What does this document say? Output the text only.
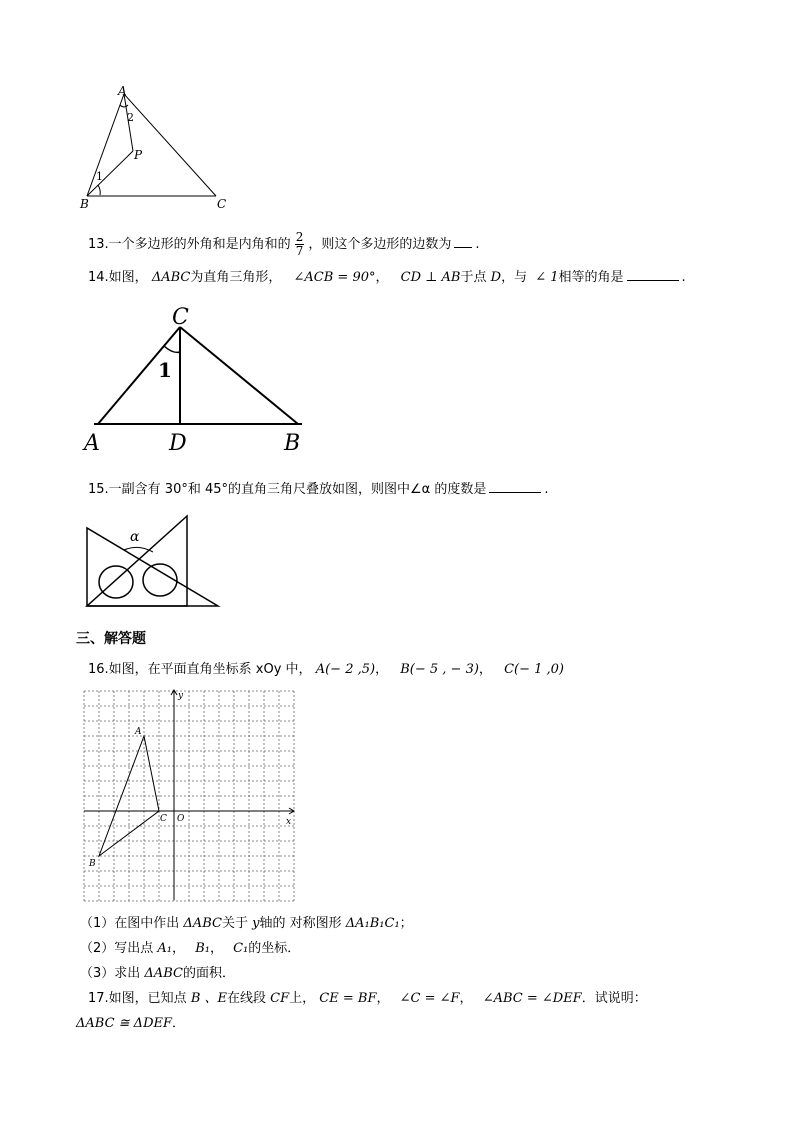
A
B	C
P
2
1
13.一个多边形的外角和是内角和的 $\frac{2}{7}$ ，则这个多边形的边数为 .
14.如图， ΔABC为直角三角形， ∠ACB = 90°， CD ⊥ AB于点 D，与 ∠ 1相等的角是	.
C
A	D	B
1
15.一副含有 30°和 45°的直角三角尺叠放如图，则图中∠α 的度数是	.
α
三、解答题
16.如图，在平面直角坐标系 xOy 中， A(− 2 ,5)， B(− 5 , − 3)， C(− 1 ,0)
y
x
O
A
B
C
（1）在图中作出 ΔABC关于 y轴的 对称图形 ΔA₁B₁C₁；
（2）写出点 A₁， B₁， C₁的坐标．
（3）求出 ΔABC的面积．
17.如图，已知点 B 、E在线段 CF上， CE = BF， ∠C = ∠F， ∠ABC = ∠DEF．试说明：
ΔABC ≅ ΔDEF．
